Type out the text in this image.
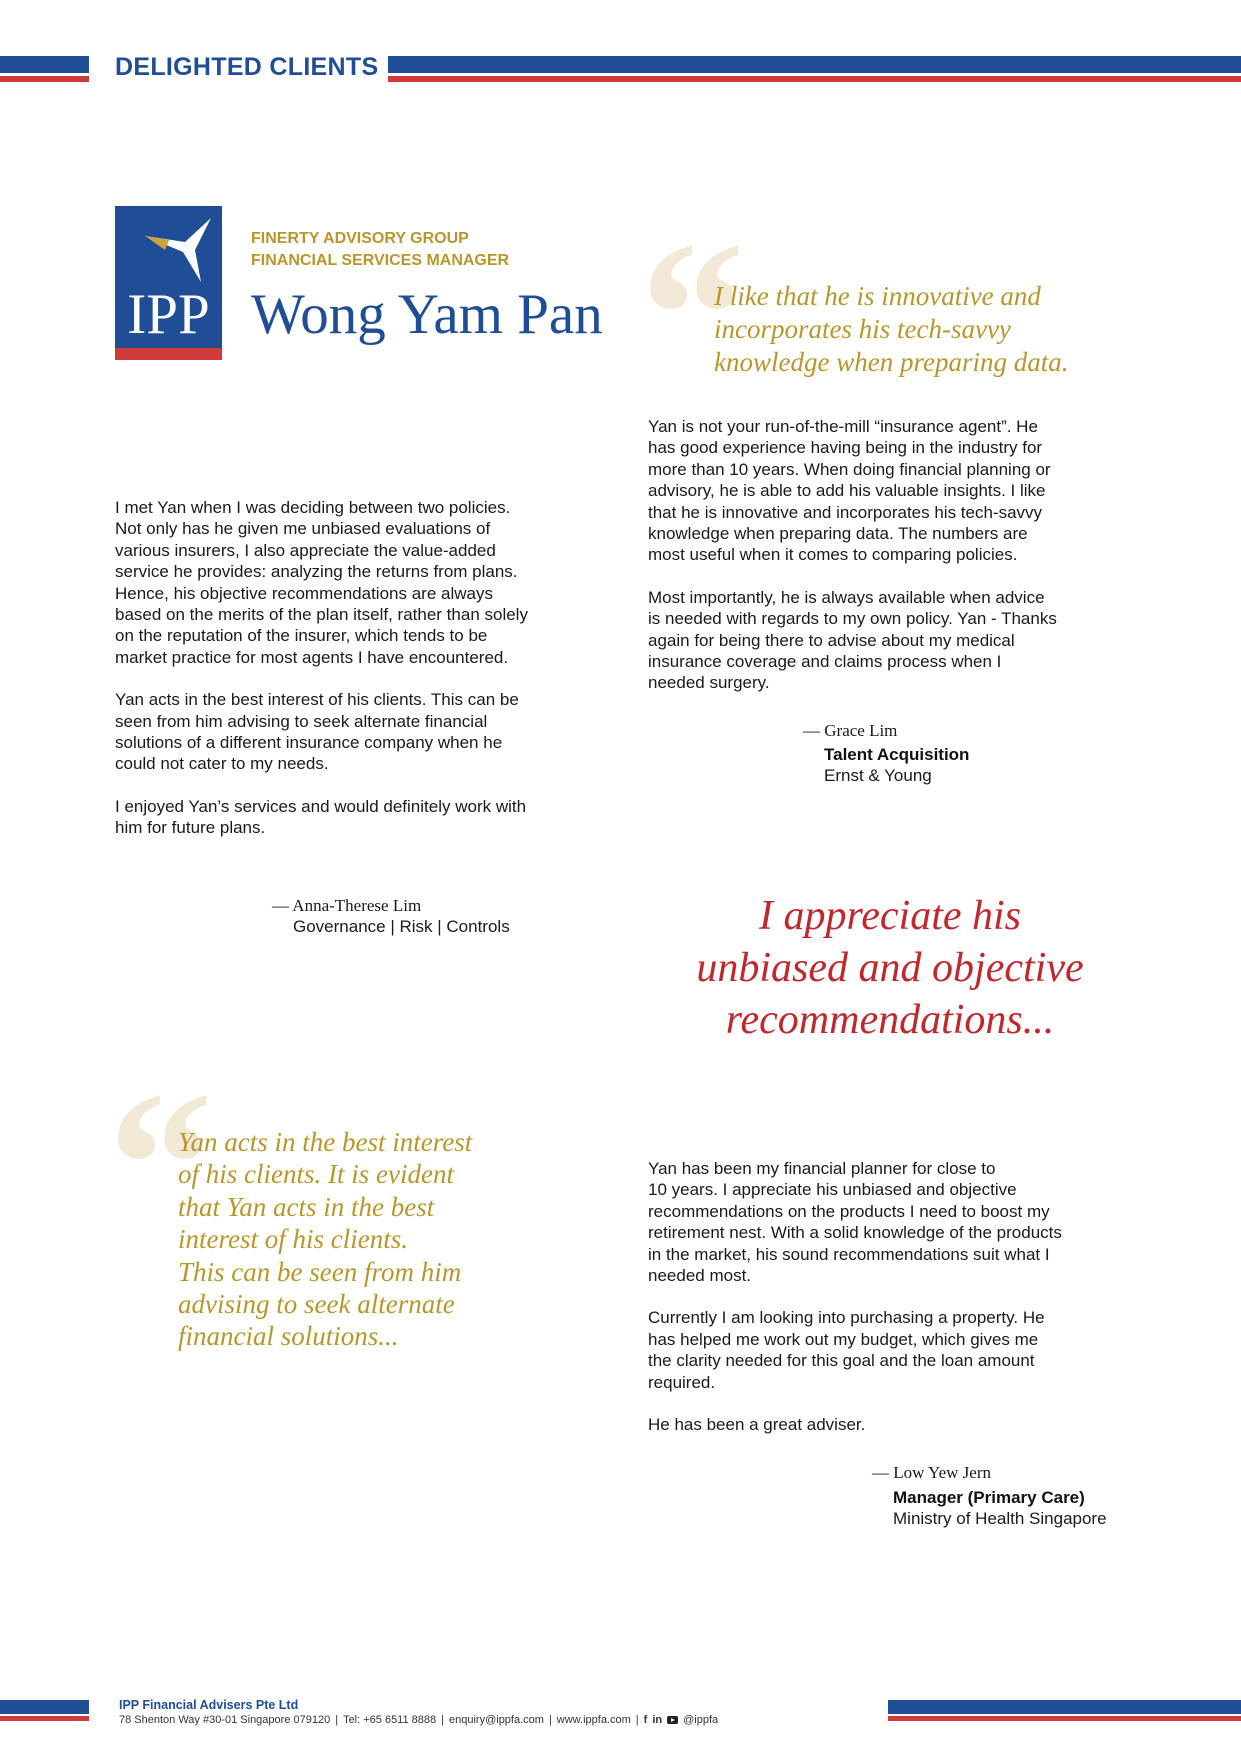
DELIGHTED CLIENTS
IPP
FINERTY ADVISORY GROUP
FINANCIAL SERVICES MANAGER
Wong Yam Pan “
I like that he is innovative and
incorporates his tech-savvy
knowledge when preparing data.

Yan is not your run-of-the-mill “insurance agent”. He
has good experience having being in the industry for
more than 10 years. When doing financial planning or
advisory, he is able to add his valuable insights. I like
that he is innovative and incorporates his tech-savvy
knowledge when preparing data. The numbers are
most useful when it comes to comparing policies.

Most importantly, he is always available when advice
is needed with regards to my own policy. Yan - Thanks
again for being there to advise about my medical
insurance coverage and claims process when I
needed surgery.

— Grace Lim
Talent Acquisition
Ernst & Young

I met Yan when I was deciding between two policies.
Not only has he given me unbiased evaluations of
various insurers, I also appreciate the value-added
service he provides: analyzing the returns from plans.
Hence, his objective recommendations are always
based on the merits of the plan itself, rather than solely
on the reputation of the insurer, which tends to be
market practice for most agents I have encountered.

Yan acts in the best interest of his clients. This can be
seen from him advising to seek alternate financial
solutions of a different insurance company when he
could not cater to my needs.

I enjoyed Yan’s services and would definitely work with
him for future plans.

— Anna-Therese Lim
Governance | Risk | Controls	I appreciate his
unbiased and objective
recommendations...
“
Yan acts in the best interest
of his clients. It is evident
that Yan acts in the best
interest of his clients.
This can be seen from him
advising to seek alternate
financial solutions...

Yan has been my financial planner for close to
10 years. I appreciate his unbiased and objective
recommendations on the products I need to boost my
retirement nest. With a solid knowledge of the products
in the market, his sound recommendations suit what I
needed most.

Currently I am looking into purchasing a property. He
has helped me work out my budget, which gives me
the clarity needed for this goal and the loan amount
required.

He has been a great adviser.

— Low Yew Jern
Manager (Primary Care)
Ministry of Health Singapore
IPP Financial Advisers Pte Ltd
78 Shenton Way #30-01 Singapore 079120 | Tel: +65 6511 8888 | enquiry@ippfa.com | www.ippfa.com | f in @ippfa
